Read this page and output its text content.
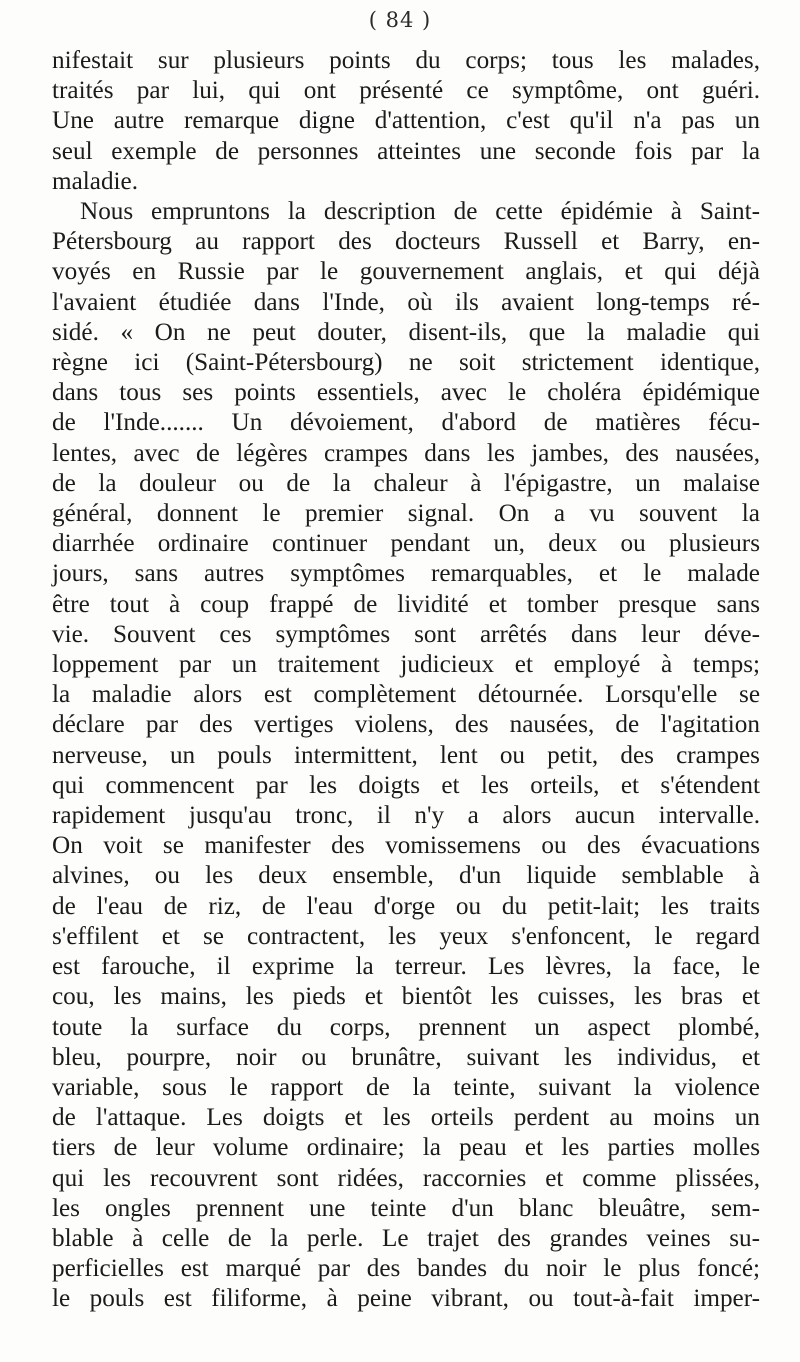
( 84 )
nifestait sur plusieurs points du corps; tous les malades,
traités par lui, qui ont présenté ce symptôme, ont guéri.
Une autre remarque digne d'attention, c'est qu'il n'a pas un
seul exemple de personnes atteintes une seconde fois par la
maladie.
Nous empruntons la description de cette épidémie à Saint-
Pétersbourg au rapport des docteurs Russell et Barry, en-
voyés en Russie par le gouvernement anglais, et qui déjà
l'avaient étudiée dans l'Inde, où ils avaient long-temps ré-
sidé. « On ne peut douter, disent-ils, que la maladie qui
règne ici (Saint-Pétersbourg) ne soit strictement identique,
dans tous ses points essentiels, avec le choléra épidémique
de l'Inde....... Un dévoiement, d'abord de matières fécu-
lentes, avec de légères crampes dans les jambes, des nausées,
de la douleur ou de la chaleur à l'épigastre, un malaise
général, donnent le premier signal. On a vu souvent la
diarrhée ordinaire continuer pendant un, deux ou plusieurs
jours, sans autres symptômes remarquables, et le malade
être tout à coup frappé de lividité et tomber presque sans
vie. Souvent ces symptômes sont arrêtés dans leur déve-
loppement par un traitement judicieux et employé à temps;
la maladie alors est complètement détournée. Lorsqu'elle se
déclare par des vertiges violens, des nausées, de l'agitation
nerveuse, un pouls intermittent, lent ou petit, des crampes
qui commencent par les doigts et les orteils, et s'étendent
rapidement jusqu'au tronc, il n'y a alors aucun intervalle.
On voit se manifester des vomissemens ou des évacuations
alvines, ou les deux ensemble, d'un liquide semblable à
de l'eau de riz, de l'eau d'orge ou du petit-lait; les traits
s'effilent et se contractent, les yeux s'enfoncent, le regard
est farouche, il exprime la terreur. Les lèvres, la face, le
cou, les mains, les pieds et bientôt les cuisses, les bras et
toute la surface du corps, prennent un aspect plombé,
bleu, pourpre, noir ou brunâtre, suivant les individus, et
variable, sous le rapport de la teinte, suivant la violence
de l'attaque. Les doigts et les orteils perdent au moins un
tiers de leur volume ordinaire; la peau et les parties molles
qui les recouvrent sont ridées, raccornies et comme plissées,
les ongles prennent une teinte d'un blanc bleuâtre, sem-
blable à celle de la perle. Le trajet des grandes veines su-
perficielles est marqué par des bandes du noir le plus foncé;
le pouls est filiforme, à peine vibrant, ou tout-à-fait imper-
